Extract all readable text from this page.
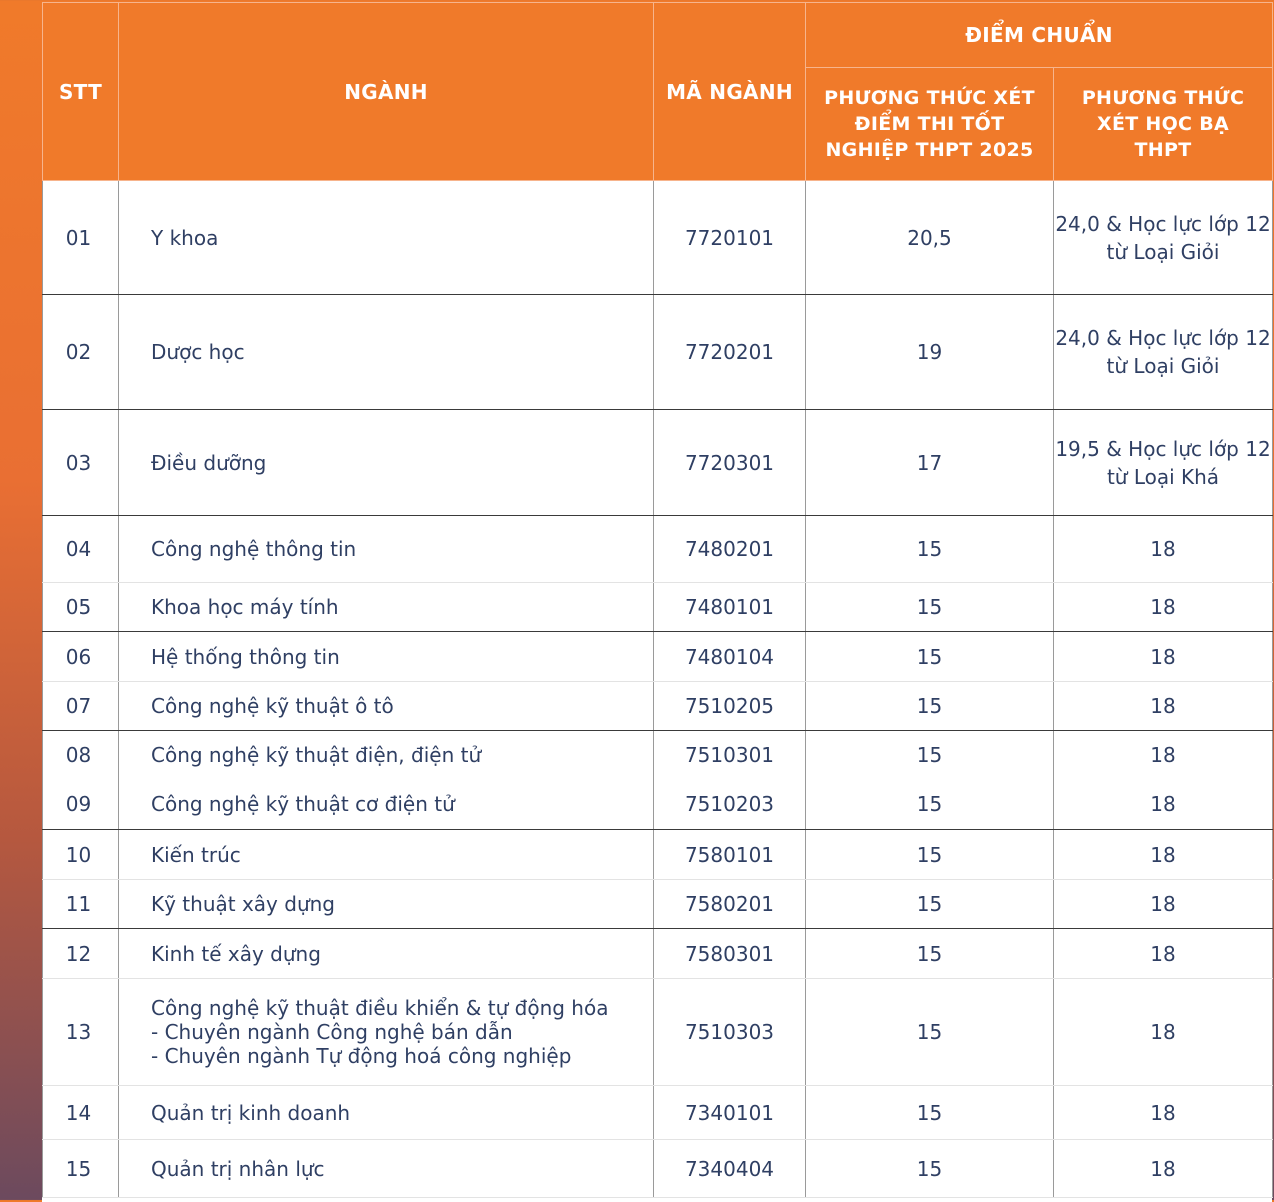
STT	NGÀNH	MÃ NGÀNH	ĐIỂM CHUẨN	
			PHƯƠNG THỨC XÉT ĐIỂM THI TỐT NGHIỆP THPT 2025	PHƯƠNG THỨC XÉT HỌC BẠ THPT
01	Y khoa	7720101	20,5	24,0 & Học lực lớp 12
từ Loại Giỏi

02	Dược học	7720201	19	24,0 & Học lực lớp 12
từ Loại Giỏi

03	Điều dưỡng	7720301	17	19,5 & Học lực lớp 12
từ Loại Khá

04	Công nghệ thông tin	7480201	15	18
05	Khoa học máy tính	7480101	15	18
06	Hệ thống thông tin	7480104	15	18
07	Công nghệ kỹ thuật ô tô	7510205	15	18
08	Công nghệ kỹ thuật điện, điện tử	7510301	15	18
09	Công nghệ kỹ thuật cơ điện tử	7510203	15	18
10	Kiến trúc	7580101	15	18
11	Kỹ thuật xây dựng	7580201	15	18
12	Kinh tế xây dựng	7580301	15	18
13	Công nghệ kỹ thuật điều khiển & tự động hóa
- Chuyên ngành Công nghệ bán dẫn
- Chuyên ngành Tự động hoá công nghiệp	7510303	15	18
14	Quản trị kinh doanh	7340101	15	18
15	Quản trị nhân lực	7340404	15	18
